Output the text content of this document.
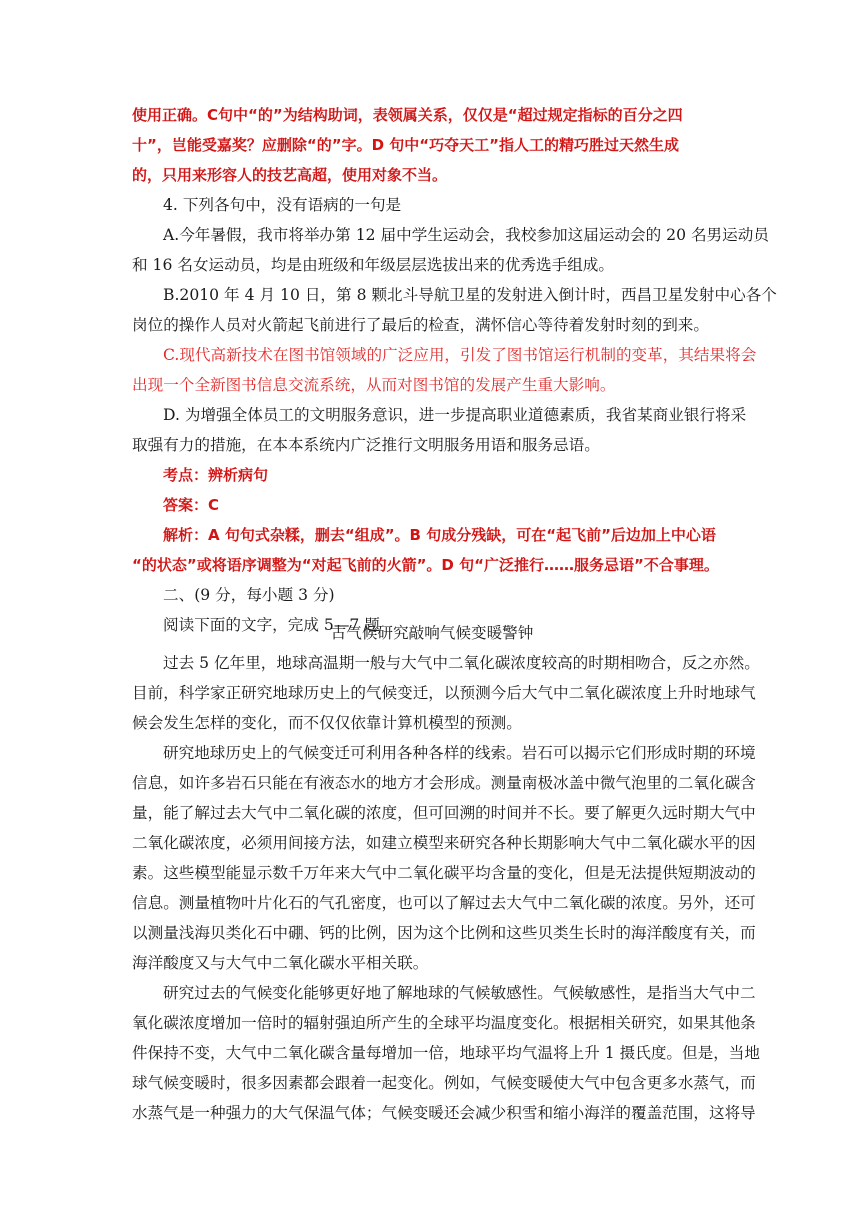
使用正确。C句中“的”为结构助词，表领属关系，仅仅是“超过规定指标的百分之四
十”，岂能受嘉奖？应删除“的”字。D 句中“巧夺天工”指人工的精巧胜过天然生成
的，只用来形容人的技艺高超，使用对象不当。
4. 下列各句中，没有语病的一句是
A.今年暑假，我市将举办第 12 届中学生运动会，我校参加这届运动会的 20 名男运动员
和 16 名女运动员，均是由班级和年级层层选拔出来的优秀选手组成。
B.2010 年 4 月 10 日，第 8 颗北斗导航卫星的发射进入倒计时，西昌卫星发射中心各个
岗位的操作人员对火箭起飞前进行了最后的检查，满怀信心等待着发射时刻的到来。
C.现代高新技术在图书馆领域的广泛应用，引发了图书馆运行机制的变革，其结果将会
出现一个全新图书信息交流系统，从而对图书馆的发展产生重大影响。
D. 为增强全体员工的文明服务意识，进一步提高职业道德素质，我省某商业银行将采
取强有力的措施，在本本系统内广泛推行文明服务用语和服务忌语。
考点：辨析病句
答案：C
解析：A 句句式杂糅，删去“组成”。B 句成分残缺，可在“起飞前”后边加上中心语
“的状态”或将语序调整为“对起飞前的火箭”。D 句“广泛推行……服务忌语”不合事理。
二、(9 分，每小题 3 分)
阅读下面的文字，完成 5—7 题
古气候研究敲响气候变暖警钟
过去 5 亿年里，地球高温期一般与大气中二氧化碳浓度较高的时期相吻合，反之亦然。
目前，科学家正研究地球历史上的气候变迁，以预测今后大气中二氧化碳浓度上升时地球气
候会发生怎样的变化，而不仅仅依靠计算机模型的预测。
研究地球历史上的气候变迁可利用各种各样的线索。岩石可以揭示它们形成时期的环境
信息，如许多岩石只能在有液态水的地方才会形成。测量南极冰盖中微气泡里的二氧化碳含
量，能了解过去大气中二氧化碳的浓度，但可回溯的时间并不长。要了解更久远时期大气中
二氧化碳浓度，必须用间接方法，如建立模型来研究各种长期影响大气中二氧化碳水平的因
素。这些模型能显示数千万年来大气中二氧化碳平均含量的变化，但是无法提供短期波动的
信息。测量植物叶片化石的气孔密度，也可以了解过去大气中二氧化碳的浓度。另外，还可
以测量浅海贝类化石中硼、钙的比例，因为这个比例和这些贝类生长时的海洋酸度有关，而
海洋酸度又与大气中二氧化碳水平相关联。
研究过去的气候变化能够更好地了解地球的气候敏感性。气候敏感性，是指当大气中二
氧化碳浓度增加一倍时的辐射强迫所产生的全球平均温度变化。根据相关研究，如果其他条
件保持不变，大气中二氧化碳含量每增加一倍，地球平均气温将上升 1 摄氏度。但是，当地
球气候变暖时，很多因素都会跟着一起变化。例如，气候变暖使大气中包含更多水蒸气，而
水蒸气是一种强力的大气保温气体；气候变暖还会减少积雪和缩小海洋的覆盖范围，这将导
